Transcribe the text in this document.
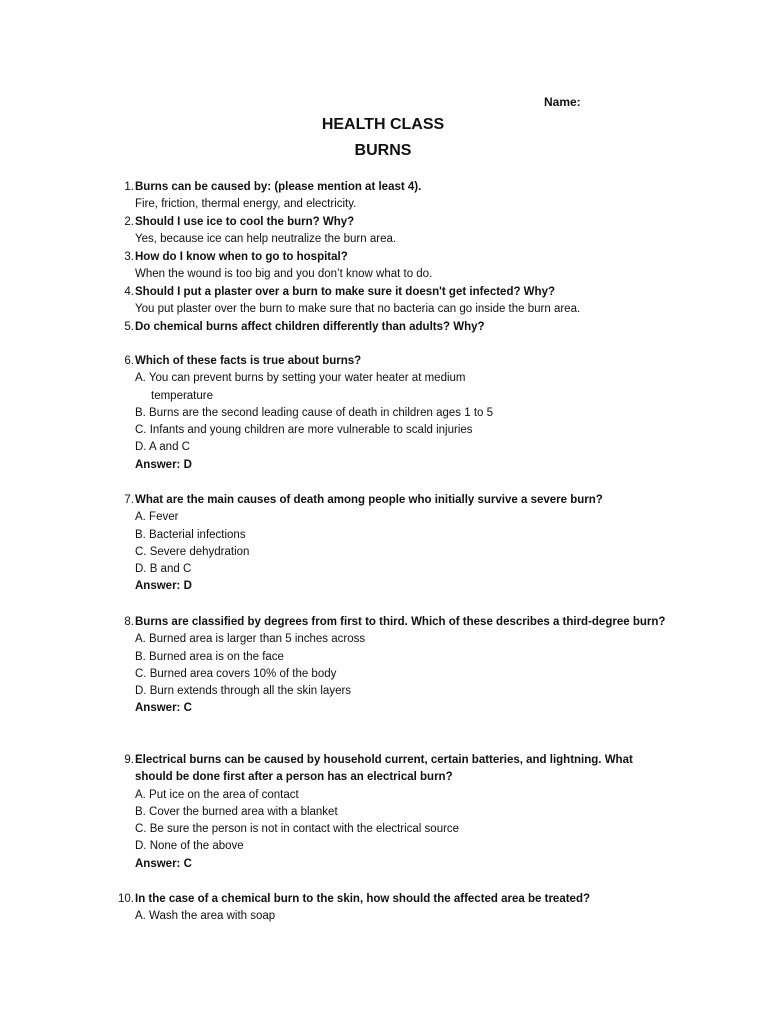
Name:
HEALTH CLASS
BURNS
1. Burns can be caused by: (please mention at least 4).
Fire, friction, thermal energy, and electricity.
2. Should I use ice to cool the burn? Why?
Yes, because ice can help neutralize the burn area.
3. How do I know when to go to hospital?
When the wound is too big and you don’t know what to do.
4. Should I put a plaster over a burn to make sure it doesn't get infected? Why?
You put plaster over the burn to make sure that no bacteria can go inside the burn area.
5. Do chemical burns affect children differently than adults? Why?
6. Which of these facts is true about burns?
A. You can prevent burns by setting your water heater at medium
temperature
B. Burns are the second leading cause of death in children ages 1 to 5
C. Infants and young children are more vulnerable to scald injuries
D. A and C
Answer: D
7. What are the main causes of death among people who initially survive a severe burn?
A. Fever
B. Bacterial infections
C. Severe dehydration
D. B and C
Answer: D
8. Burns are classified by degrees from first to third. Which of these describes a third-degree burn?
A. Burned area is larger than 5 inches across
B. Burned area is on the face
C. Burned area covers 10% of the body
D. Burn extends through all the skin layers
Answer: C
9. Electrical burns can be caused by household current, certain batteries, and lightning. What should be done first after a person has an electrical burn?
A. Put ice on the area of contact
B. Cover the burned area with a blanket
C. Be sure the person is not in contact with the electrical source
D. None of the above
Answer: C
10. In the case of a chemical burn to the skin, how should the affected area be treated?
A. Wash the area with soap
